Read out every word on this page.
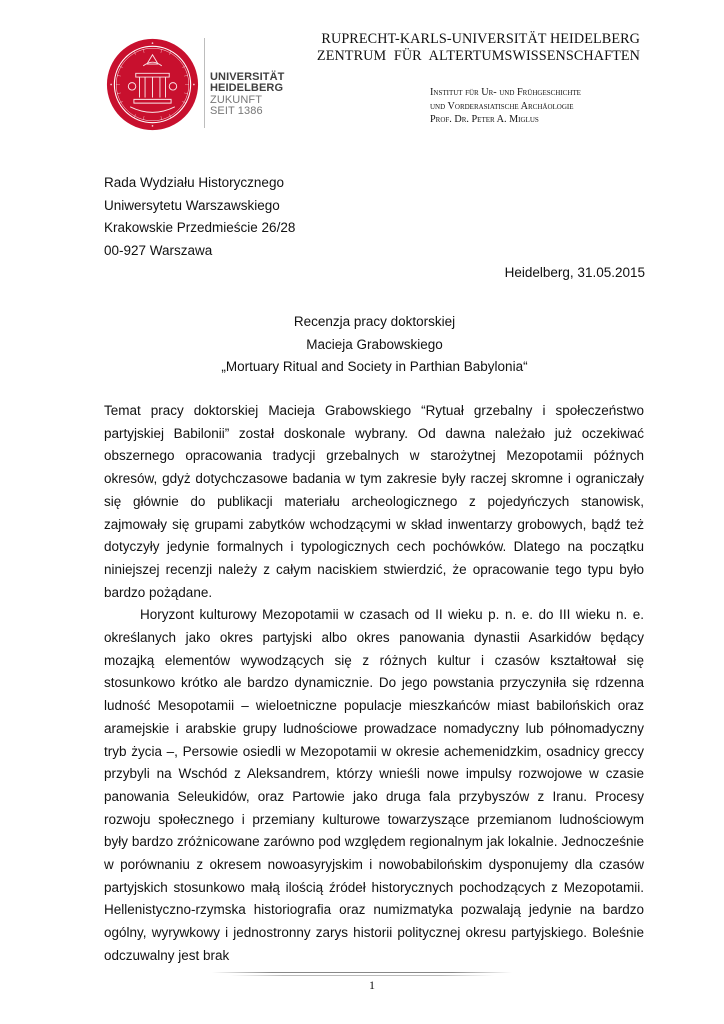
UNIVERSITÄT
HEIDELBERG
ZUKUNFT
SEIT 1386
RUPRECHT-KARLS-UNIVERSITÄT HEIDELBERG
ZENTRUM FÜR ALTERTUMSWISSENSCHAFTEN
Institut für Ur- und Frühgeschichte
und Vorderasiatische Archäologie
Prof. Dr. Peter A. Miglus
Rada Wydziału Historycznego
Uniwersytetu Warszawskiego
Krakowskie Przedmieście 26/28
00-927 Warszawa
Heidelberg, 31.05.2015
Recenzja pracy doktorskiej
Macieja Grabowskiego
„Mortuary Ritual and Society in Parthian Babylonia“

Temat pracy doktorskiej Macieja Grabowskiego “Rytuał grzebalny i społeczeństwo partyjskiej Babilonii” został doskonale wybrany. Od dawna należało już oczekiwać obszernego opracowania tradycji grzebalnych w starożytnej Mezopotamii późnych okresów, gdyż dotychczasowe badania w tym zakresie były raczej skromne i ograniczały się głównie do publikacji materiału archeologicznego z pojedyńczych stanowisk, zajmowały się grupami zabytków wchodzącymi w skład inwentarzy grobowych, bądź też dotyczyły jedynie formalnych i typologicznych cech pochówków. Dlatego na początku niniejszej recenzji należy z całym naciskiem stwierdzić, że opracowanie tego typu było bardzo pożądane.

Horyzont kulturowy Mezopotamii w czasach od II wieku p. n. e. do III wieku n. e. określanych jako okres partyjski albo okres panowania dynastii Asarkidów będący mozajką elementów wywodzących się z różnych kultur i czasów kształtował się stosunkowo krótko ale bardzo dynamicznie. Do jego powstania przyczyniła się rdzenna ludność Mesopotamii – wieloetniczne populacje mieszkańców miast babilońskich oraz aramejskie i arabskie grupy ludnościowe prowadzace nomadyczny lub półnomadyczny tryb życia –, Persowie osiedli w Mezopotamii w okresie achemenidzkim, osadnicy greccy przybyli na Wschód z Aleksandrem, którzy wnieśli nowe impulsy rozwojowe w czasie panowania Seleukidów, oraz Partowie jako druga fala przybyszów z Iranu. Procesy rozwoju społecznego i przemiany kulturowe towarzyszące przemianom ludnościowym były bardzo zróżnicowane zarówno pod względem regionalnym jak lokalnie. Jednocześnie w porównaniu z okresem nowoasyryjskim i nowobabilońskim dysponujemy dla czasów partyjskich stosunkowo małą ilością źródeł historycznych pochodzących z Mezopotamii. Hellenistyczno-rzymska historiografia oraz numizmatyka pozwalają jedynie na bardzo ogólny, wyrywkowy i jednostronny zarys historii politycznej okresu partyjskiego. Boleśnie odczuwalny jest brak

1
